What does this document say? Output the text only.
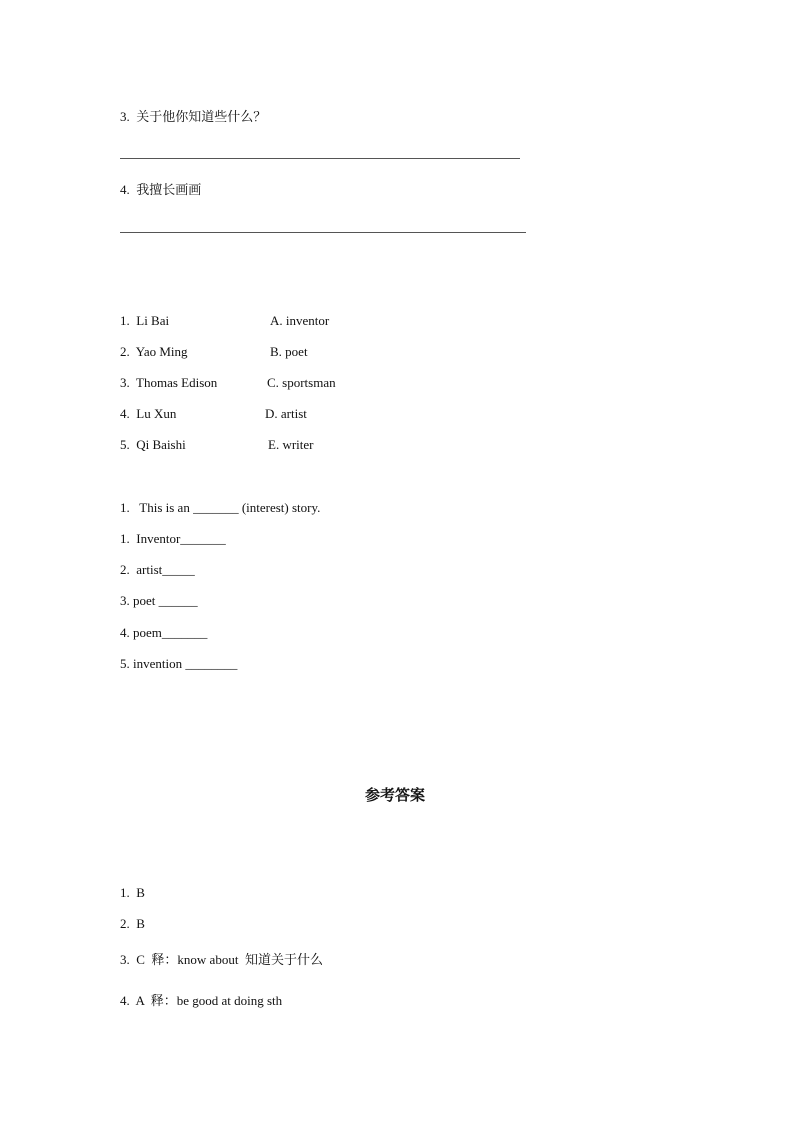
3.  关于他你知道些什么？
4.  我擅长画画
1.  Li Bai	A. inventor
2.  Yao Ming	B. poet
3.  Thomas Edison	C. sportsman
4.  Lu Xun	D. artist
5.  Qi Baishi	E. writer
1.   This is an _______ (interest) story.
1.  Inventor_______
2.  artist_____
3. poet ______
4. poem_______
5. invention ________
参考答案
1.  B
2.  B
3.  C  释：know about  知道关于什么
4.  A  释：be good at doing sth
